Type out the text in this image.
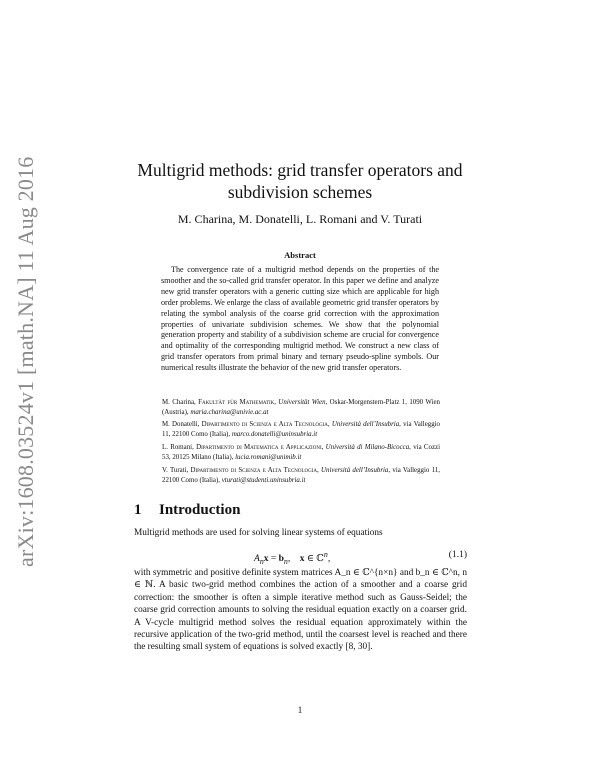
arXiv:1608.03524v1 [math.NA] 11 Aug 2016	Multigrid methods: grid transfer operators and subdivision schemes
M. Charina, M. Donatelli, L. Romani and V. Turati
Abstract
The convergence rate of a multigrid method depends on the properties of the smoother and the so-called grid transfer operator. In this paper we define and analyze new grid transfer operators with a generic cutting size which are applicable for high order problems. We enlarge the class of available geometric grid transfer operators by relating the symbol analysis of the coarse grid correction with the approximation properties of univariate subdivision schemes. We show that the polynomial generation property and stability of a subdivision scheme are crucial for convergence and optimality of the corresponding multigrid method. We construct a new class of grid transfer operators from primal binary and ternary pseudo-spline symbols. Our numerical results illustrate the behavior of the new grid transfer operators.
M. Charina, Fakultät für Mathematik, Universität Wien, Oskar-Morgenstern-Platz 1, 1090 Wien (Austria), maria.charina@univie.ac.at
M. Donatelli, Dipartimento di Scienza e Alta Tecnologia, Università dell’Insubria, via Valleggio 11, 22100 Como (Italia), marco.donatelli@uninsubria.it
L. Romani, Dipartimento di Matematica e Applicazioni, Università di Milano-Bicocca, via Cozzi 53, 20125 Milano (Italia), lucia.romani@unimib.it
V. Turati, Dipartimento di Scienza e Alta Tecnologia, Università dell’Insubria, via Valleggio 11, 22100 Como (Italia), vturati@studenti.uninsubria.it
1 Introduction
Multigrid methods are used for solving linear systems of equations
$A_nx = b_n$,    x ∈ ℂ$^n$,	(1.1)
with symmetric and positive definite system matrices A_n ∈ ℂ^{n×n} and b_n ∈ ℂ^n, n ∈ ℕ. A basic two-grid method combines the action of a smoother and a coarse grid correction: the smoother is often a simple iterative method such as Gauss-Seidel; the coarse grid correction amounts to solving the residual equation exactly on a coarser grid. A V-cycle multigrid method solves the residual equation approximately within the recursive application of the two-grid method, until the coarsest level is reached and there the resulting small system of equations is solved exactly [8, 30].
1
